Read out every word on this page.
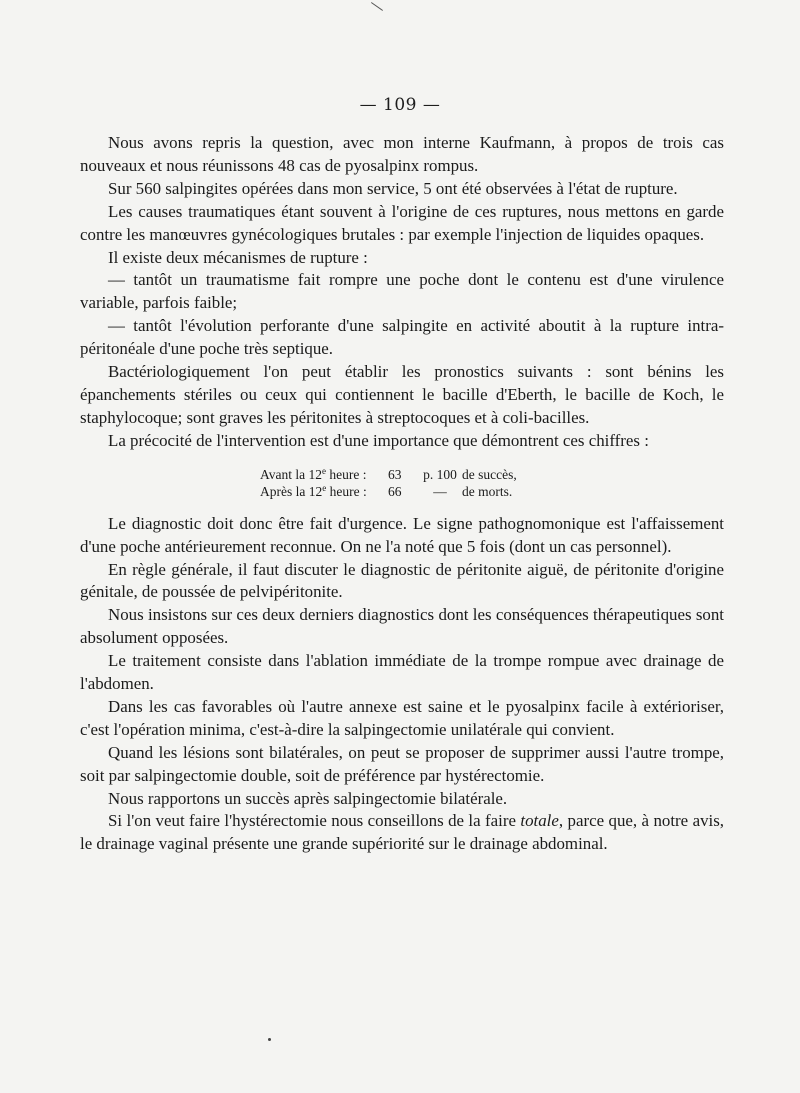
— 109 —

Nous avons repris la question, avec mon interne Kaufmann, à propos de trois cas nouveaux et nous réunissons 48 cas de pyosalpinx rompus.

Sur 560 salpingites opérées dans mon service, 5 ont été observées à l'état de rupture.

Les causes traumatiques étant souvent à l'origine de ces ruptures, nous mettons en garde contre les manœuvres gynécologiques brutales : par exemple l'injection de liquides opaques.

Il existe deux mécanismes de rupture :

— tantôt un traumatisme fait rompre une poche dont le contenu est d'une virulence variable, parfois faible;

— tantôt l'évolution perforante d'une salpingite en activité aboutit à la rupture intra-péritonéale d'une poche très septique.

Bactériologiquement l'on peut établir les pronostics suivants : sont bénins les épanchements stériles ou ceux qui contiennent le bacille d'Eberth, le bacille de Koch, le staphylocoque; sont graves les péritonites à streptocoques et à coli-bacilles.

La précocité de l'intervention est d'une importance que démontrent ces chiffres :

Avant la 12e heure :	63	p. 100 de succès,
Après la 12e heure :	66	—	de morts.

Le diagnostic doit donc être fait d'urgence. Le signe pathognomonique est l'affaissement d'une poche antérieurement reconnue. On ne l'a noté que 5 fois (dont un cas personnel).

En règle générale, il faut discuter le diagnostic de péritonite aiguë, de péritonite d'origine génitale, de poussée de pelvipéritonite.

Nous insistons sur ces deux derniers diagnostics dont les conséquences thérapeutiques sont absolument opposées.

Le traitement consiste dans l'ablation immédiate de la trompe rompue avec drainage de l'abdomen.

Dans les cas favorables où l'autre annexe est saine et le pyosalpinx facile à extérioriser, c'est l'opération minima, c'est-à-dire la salpingectomie unilatérale qui convient.

Quand les lésions sont bilatérales, on peut se proposer de supprimer aussi l'autre trompe, soit par salpingectomie double, soit de préférence par hystérectomie.

Nous rapportons un succès après salpingectomie bilatérale.

Si l'on veut faire l'hystérectomie nous conseillons de la faire totale, parce que, à notre avis, le drainage vaginal présente une grande supériorité sur le drainage abdominal.
